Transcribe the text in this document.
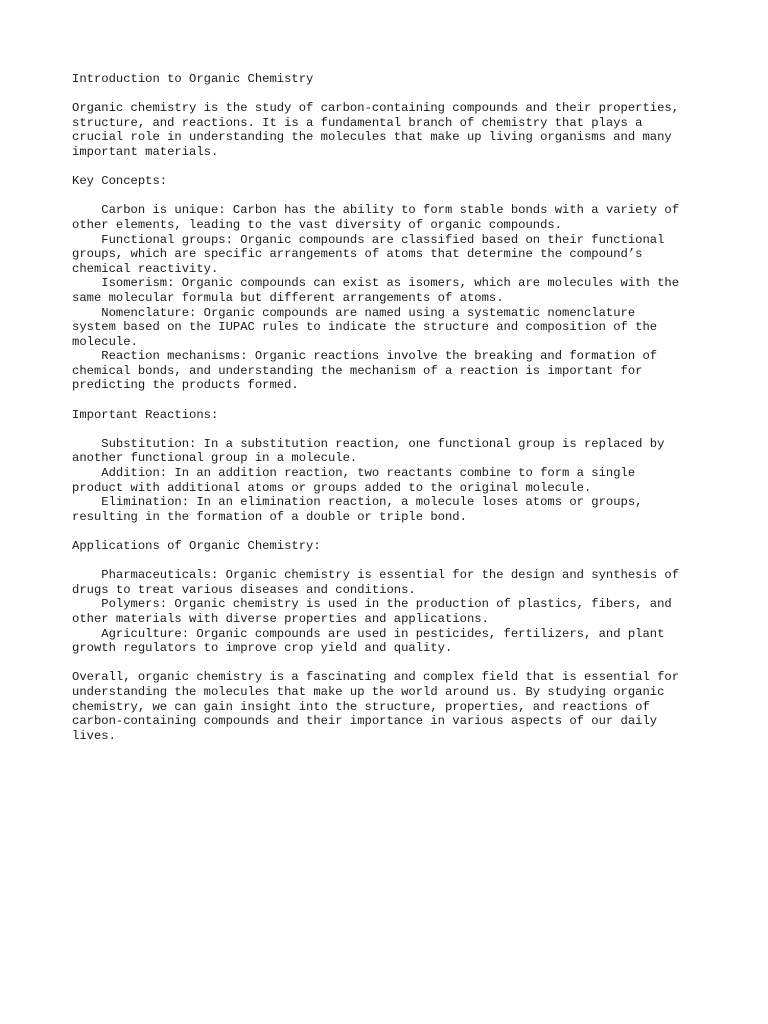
Introduction to Organic Chemistry
Organic chemistry is the study of carbon-containing compounds and their properties,
structure, and reactions. It is a fundamental branch of chemistry that plays a
crucial role in understanding the molecules that make up living organisms and many
important materials.
Key Concepts:
Carbon is unique: Carbon has the ability to form stable bonds with a variety of
other elements, leading to the vast diversity of organic compounds.
Functional groups: Organic compounds are classified based on their functional
groups, which are specific arrangements of atoms that determine the compound’s
chemical reactivity.
Isomerism: Organic compounds can exist as isomers, which are molecules with the
same molecular formula but different arrangements of atoms.
Nomenclature: Organic compounds are named using a systematic nomenclature
system based on the IUPAC rules to indicate the structure and composition of the
molecule.
Reaction mechanisms: Organic reactions involve the breaking and formation of
chemical bonds, and understanding the mechanism of a reaction is important for
predicting the products formed.
Important Reactions:
Substitution: In a substitution reaction, one functional group is replaced by
another functional group in a molecule.
Addition: In an addition reaction, two reactants combine to form a single
product with additional atoms or groups added to the original molecule.
Elimination: In an elimination reaction, a molecule loses atoms or groups,
resulting in the formation of a double or triple bond.
Applications of Organic Chemistry:
Pharmaceuticals: Organic chemistry is essential for the design and synthesis of
drugs to treat various diseases and conditions.
Polymers: Organic chemistry is used in the production of plastics, fibers, and
other materials with diverse properties and applications.
Agriculture: Organic compounds are used in pesticides, fertilizers, and plant
growth regulators to improve crop yield and quality.
Overall, organic chemistry is a fascinating and complex field that is essential for
understanding the molecules that make up the world around us. By studying organic
chemistry, we can gain insight into the structure, properties, and reactions of
carbon-containing compounds and their importance in various aspects of our daily
lives.
